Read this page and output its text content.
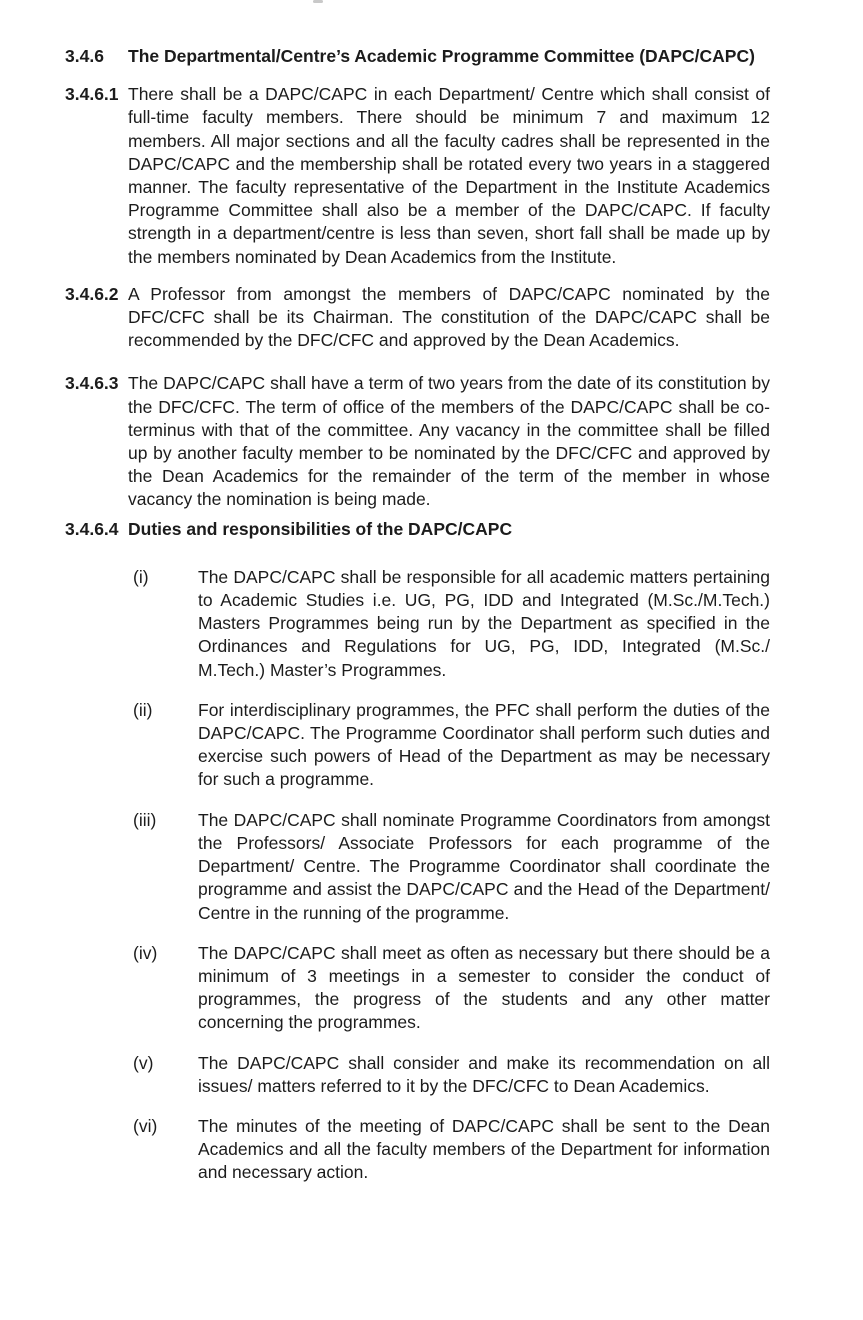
3.4.6	The Departmental/Centre’s Academic Programme Committee (DAPC/CAPC)
3.4.6.1 There shall be a DAPC/CAPC in each Department/ Centre which shall consist of full-time faculty members. There should be minimum 7 and maximum 12 members. All major sections and all the faculty cadres shall be represented in the DAPC/CAPC and the membership shall be rotated every two years in a staggered manner. The faculty representative of the Department in the Institute Academics Programme Committee shall also be a member of the DAPC/CAPC. If faculty strength in a department/centre is less than seven, short fall shall be made up by the members nominated by Dean Academics from the Institute.
3.4.6.2 A Professor from amongst the members of DAPC/CAPC nominated by the DFC/CFC shall be its Chairman. The constitution of the DAPC/CAPC shall be recommended by the DFC/CFC and approved by the Dean Academics.
3.4.6.3 The DAPC/CAPC shall have a term of two years from the date of its constitution by the DFC/CFC. The term of office of the members of the DAPC/CAPC shall be co-terminus with that of the committee. Any vacancy in the committee shall be filled up by another faculty member to be nominated by the DFC/CFC and approved by the Dean Academics for the remainder of the term of the member in whose vacancy the nomination is being made.
3.4.6.4 Duties and responsibilities of the DAPC/CAPC
(i)	The DAPC/CAPC shall be responsible for all academic matters pertaining to Academic Studies i.e. UG, PG, IDD and Integrated (M.Sc./M.Tech.) Masters Programmes being run by the Department as specified in the Ordinances and Regulations for UG, PG, IDD, Integrated (M.Sc./ M.Tech.) Master’s Programmes.
(ii)	For interdisciplinary programmes, the PFC shall perform the duties of the DAPC/CAPC. The Programme Coordinator shall perform such duties and exercise such powers of Head of the Department as may be necessary for such a programme.
(iii)	The DAPC/CAPC shall nominate Programme Coordinators from amongst the Professors/ Associate Professors for each programme of the Department/ Centre. The Programme Coordinator shall coordinate the programme and assist the DAPC/CAPC and the Head of the Department/ Centre in the running of the programme.
(iv)	The DAPC/CAPC shall meet as often as necessary but there should be a minimum of 3 meetings in a semester to consider the conduct of programmes, the progress of the students and any other matter concerning the programmes.
(v)	The DAPC/CAPC shall consider and make its recommendation on all issues/ matters referred to it by the DFC/CFC to Dean Academics.
(vi)	The minutes of the meeting of DAPC/CAPC shall be sent to the Dean Academics and all the faculty members of the Department for information and necessary action.
